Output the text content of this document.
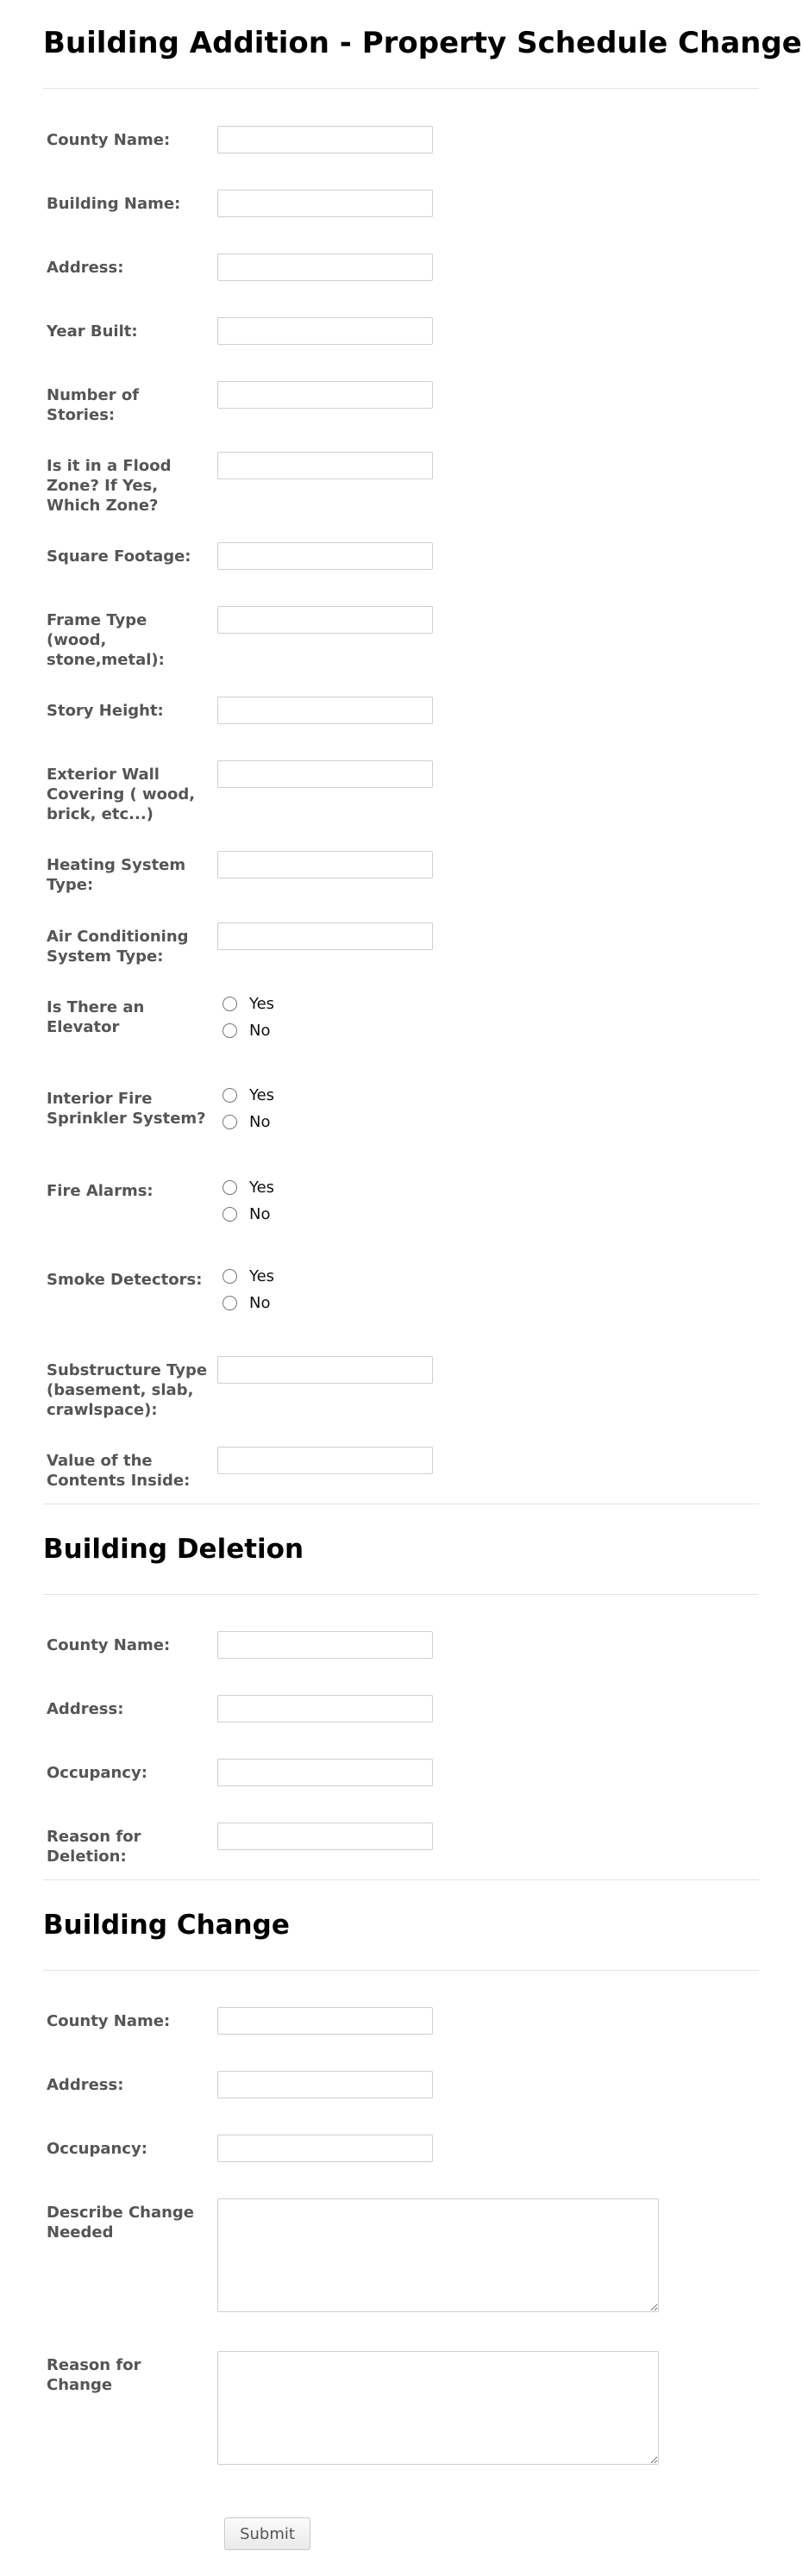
Building Addition - Property Schedule Change
County Name:
Building Name:
Address:
Year Built:
Number of Stories:
Is it in a Flood Zone? If Yes, Which Zone?
Square Footage:
Frame Type (wood, stone,metal):
Story Height:
Exterior Wall Covering ( wood, brick, etc...)
Heating System Type:
Air Conditioning System Type:
Is There an Elevator
Yes
No
Interior Fire Sprinkler System?
Yes
No
Fire Alarms:	Yes
No
Smoke Detectors:	Yes
No
Substructure Type (basement, slab, crawlspace):
Value of the Contents Inside:
Building Deletion
County Name:
Address:
Occupancy:
Reason for Deletion:
Building Change
County Name:
Address:
Occupancy:
Describe Change Needed
Reason for Change
Submit
